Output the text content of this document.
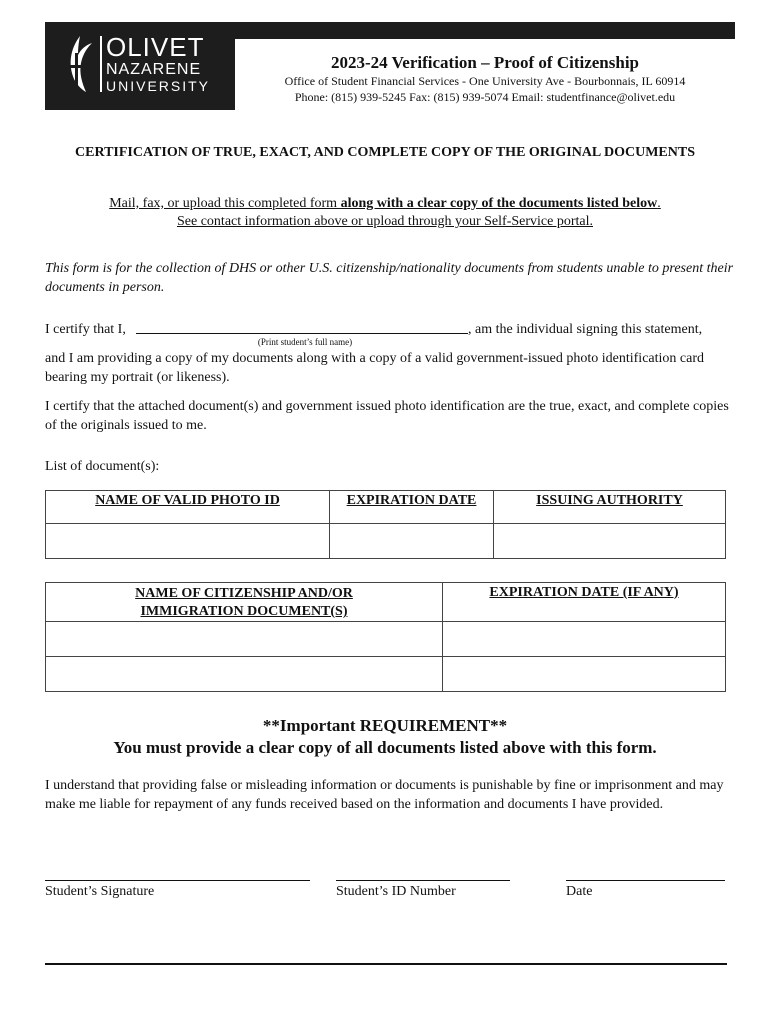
OLIVET
NAZARENE
UNIVERSITY
2023-24 Verification – Proof of Citizenship
Office of Student Financial Services - One University Ave - Bourbonnais, IL 60914
Phone: (815) 939-5245 Fax: (815) 939-5074 Email: studentfinance@olivet.edu
CERTIFICATION OF TRUE, EXACT, AND COMPLETE COPY OF THE ORIGINAL DOCUMENTS
Mail, fax, or upload this completed form along with a clear copy of the documents listed below.
See contact information above or upload through your Self-Service portal.
This form is for the collection of DHS or other U.S. citizenship/nationality documents from students unable to present their documents in person.
I certify that I,	, am the individual signing this statement,
(Print student’s full name)
and I am providing a copy of my documents along with a copy of a valid government-issued photo identification card bearing my portrait (or likeness).
I certify that the attached document(s) and government issued photo identification are the true, exact, and complete copies of the originals issued to me.
List of document(s):
NAME OF VALID PHOTO ID	EXPIRATION DATE	ISSUING AUTHORITY

NAME OF CITIZENSHIP AND/OR
IMMIGRATION DOCUMENT(S)	EXPIRATION DATE (IF ANY)

**Important REQUIREMENT**
You must provide a clear copy of all documents listed above with this form.
I understand that providing false or misleading information or documents is punishable by fine or imprisonment and may make me liable for repayment of any funds received based on the information and documents I have provided.
Student’s Signature	Student’s ID Number	Date
